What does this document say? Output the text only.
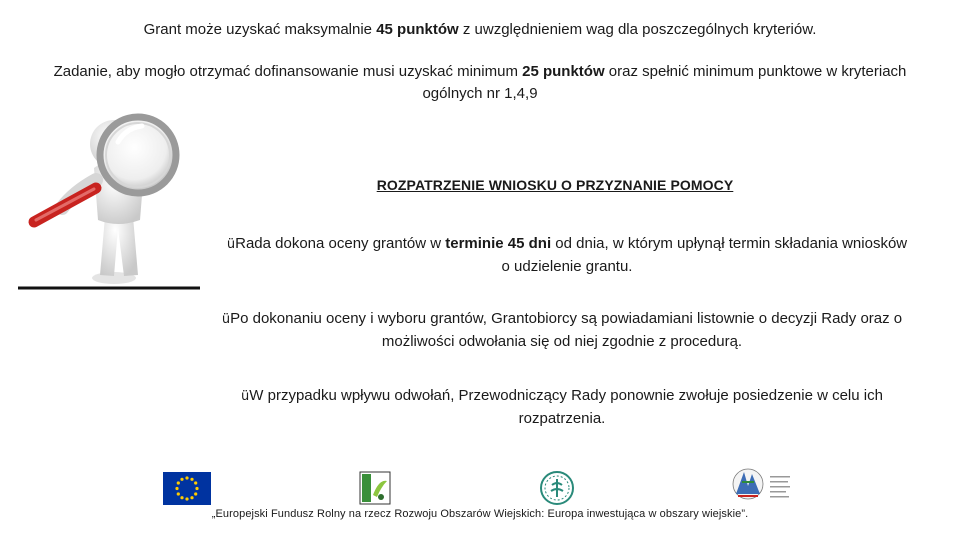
Grant może uzyskać maksymalnie 45 punktów z uwzględnieniem wag dla poszczególnych kryteriów.
Zadanie, aby mogło otrzymać dofinansowanie musi uzyskać minimum 25 punktów oraz spełnić minimum punktowe w kryteriach ogólnych nr 1,4,9
ROZPATRZENIE WNIOSKU O PRZYZNANIE POMOCY
üRada dokona oceny grantów w terminie 45 dni od dnia, w którym upłynął termin składania wniosków o udzielenie grantu.
üPo dokonaniu oceny i wyboru grantów, Grantobiorcy są powiadamiani listownie o decyzji Rady oraz o możliwości odwołania się od niej zgodnie z procedurą.
üW przypadku wpływu odwołań, Przewodniczący Rady ponownie zwołuje posiedzenie w celu ich rozpatrzenia.
„Europejski Fundusz Rolny na rzecz Rozwoju Obszarów Wiejskich: Europa inwestująca w obszary wiejskie”.
